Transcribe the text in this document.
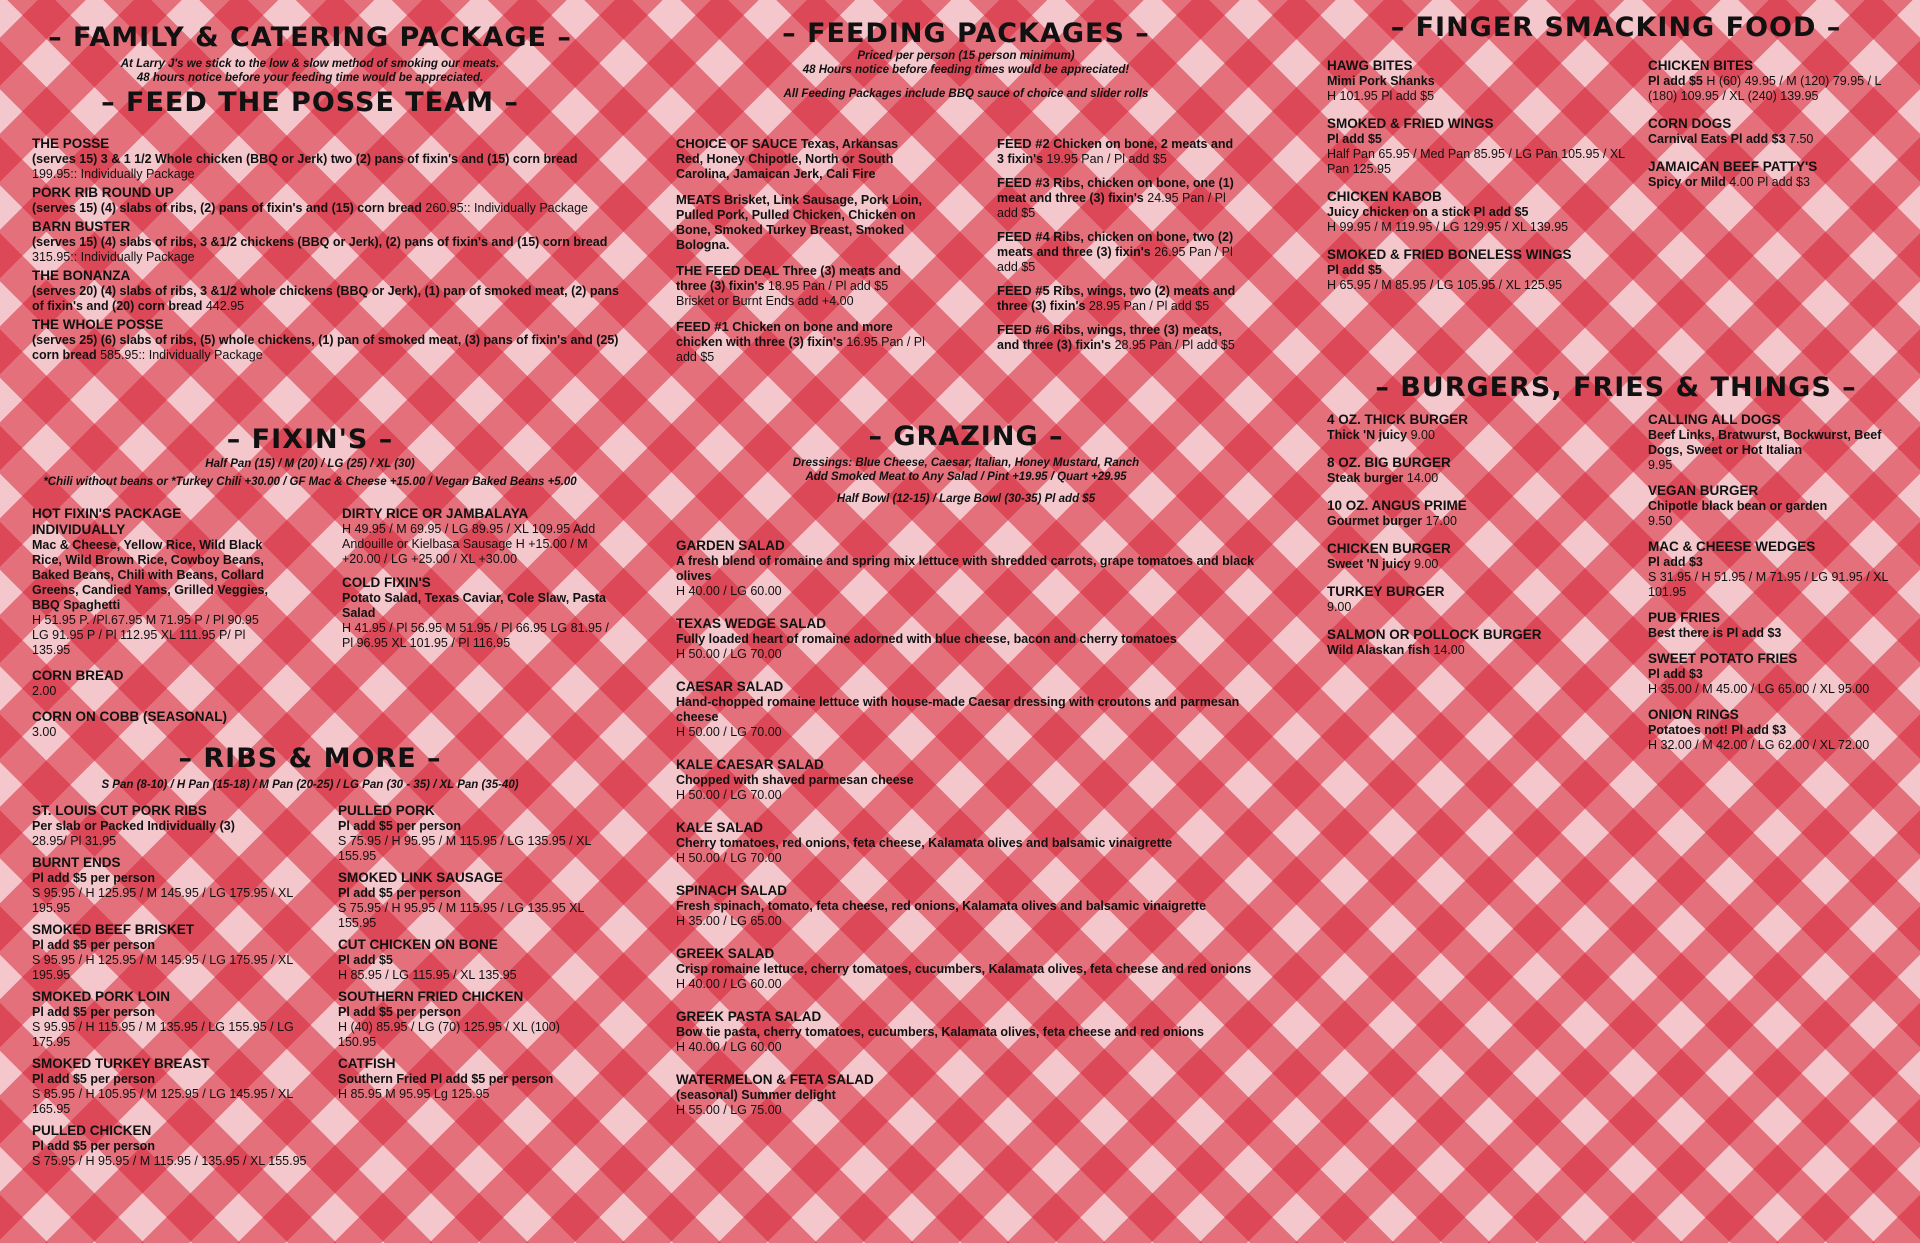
– FAMILY & CATERING PACKAGE –
At Larry J's we stick to the low & slow method of smoking our meats.
48 hours notice before your feeding time would be appreciated.
– FEED THE POSSE TEAM –
THE POSSE
(serves 15) 3 & 1 1/2 Whole chicken (BBQ or Jerk) two (2) pans of fixin's and (15) corn bread 199.95:: Individually Package
PORK RIB ROUND UP
(serves 15) (4) slabs of ribs, (2) pans of fixin's and (15) corn bread 260.95:: Individually Package
BARN BUSTER
(serves 15) (4) slabs of ribs, 3 &1/2 chickens (BBQ or Jerk), (2) pans of fixin's and (15) corn bread 315.95:: Individually Package
THE BONANZA
(serves 20) (4) slabs of ribs, 3 &1/2 whole chickens (BBQ or Jerk), (1) pan of smoked meat, (2) pans of fixin's and (20) corn bread 442.95
THE WHOLE POSSE
(serves 25) (6) slabs of ribs, (5) whole chickens, (1) pan of smoked meat, (3) pans of fixin's and (25) corn bread 585.95:: Individually Package
– FIXIN'S –
Half Pan (15) / M (20) / LG (25) / XL (30)
*Chili without beans or *Turkey Chili +30.00 / GF Mac & Cheese +15.00 / Vegan Baked Beans +5.00
HOT FIXIN'S PACKAGE INDIVIDUALLY
Mac & Cheese, Yellow Rice, Wild Black Rice, Wild Brown Rice, Cowboy Beans, Baked Beans, Chili with Beans, Collard Greens, Candied Yams, Grilled Veggies, BBQ Spaghetti
H 51.95 P. /Pl.67.95 M 71.95 P / Pl 90.95 LG 91.95 P / Pl 112.95 XL 111.95 P/ Pl 135.95
CORN BREAD
2.00
CORN ON COBB (SEASONAL)
3.00
DIRTY RICE OR JAMBALAYA
H 49.95 / M 69.95 / LG 89.95 / XL 109.95 Add Andouille or Kielbasa Sausage H +15.00 / M +20.00 / LG +25.00 / XL +30.00
COLD FIXIN'S
Potato Salad, Texas Caviar, Cole Slaw, Pasta Salad
H 41.95 / Pl 56.95 M 51.95 / Pl 66.95 LG 81.95 / Pl 96.95 XL 101.95 / Pl 116.95
– RIBS & MORE –
S Pan (8-10) / H Pan (15-18) / M Pan (20-25) / LG Pan (30 - 35) / XL Pan (35-40)
ST. LOUIS CUT PORK RIBS
Per slab or Packed Individually (3)
28.95/ Pl 31.95
BURNT ENDS
Pl add $5 per person
S 95.95 / H 125.95 / M 145.95 / LG 175.95 / XL 195.95
SMOKED BEEF BRISKET
Pl add $5 per person
S 95.95 / H 125.95 / M 145.95 / LG 175.95 / XL 195.95
SMOKED PORK LOIN
Pl add $5 per person
S 95.95 / H 115.95 / M 135.95 / LG 155.95 / LG 175.95
SMOKED TURKEY BREAST
Pl add $5 per person
S 85.95 / H 105.95 / M 125.95 / LG 145.95 / XL 165.95
PULLED CHICKEN
Pl add $5 per person
S 75.95 / H 95.95 / M 115.95 / 135.95 / XL 155.95
PULLED PORK
Pl add $5 per person
S 75.95 / H 95.95 / M 115.95 / LG 135.95 / XL 155.95
SMOKED LINK SAUSAGE
Pl add $5 per person
S 75.95 / H 95.95 / M 115.95 / LG 135.95 XL 155.95
CUT CHICKEN ON BONE
Pl add $5
H 85.95 / LG 115.95 / XL 135.95
SOUTHERN FRIED CHICKEN
Pl add $5 per person
H (40) 85.95 / LG (70) 125.95 / XL (100) 150.95
CATFISH
Southern Fried Pl add $5 per person
H 85.95 M 95.95 Lg 125.95
– FEEDING PACKAGES –
Priced per person (15 person minimum)
48 Hours notice before feeding times would be appreciated!
All Feeding Packages include BBQ sauce of choice and slider rolls
CHOICE OF SAUCE Texas, Arkansas Red, Honey Chipotle, North or South Carolina, Jamaican Jerk, Cali Fire
MEATS Brisket, Link Sausage, Pork Loin, Pulled Pork, Pulled Chicken, Chicken on Bone, Smoked Turkey Breast, Smoked Bologna.
THE FEED DEAL Three (3) meats and three (3) fixin's 18.95 Pan / Pl add $5 Brisket or Burnt Ends add +4.00
FEED #1 Chicken on bone and more chicken with three (3) fixin's 16.95 Pan / Pl add $5
FEED #2 Chicken on bone, 2 meats and 3 fixin's 19.95 Pan / Pl add $5
FEED #3 Ribs, chicken on bone, one (1) meat and three (3) fixin's 24.95 Pan / Pl add $5
FEED #4 Ribs, chicken on bone, two (2) meats and three (3) fixin's 26.95 Pan / Pl add $5
FEED #5 Ribs, wings, two (2) meats and three (3) fixin's 28.95 Pan / Pl add $5
FEED #6 Ribs, wings, three (3) meats, and three (3) fixin's 28.95 Pan / Pl add $5
– GRAZING –
Dressings: Blue Cheese, Caesar, Italian, Honey Mustard, Ranch
Add Smoked Meat to Any Salad / Pint +19.95 / Quart +29.95
Half Bowl (12-15) / Large Bowl (30-35) Pl add $5
GARDEN SALAD
A fresh blend of romaine and spring mix lettuce with shredded carrots, grape tomatoes and black olives
H 40.00 / LG 60.00
TEXAS WEDGE SALAD
Fully loaded heart of romaine adorned with blue cheese, bacon and cherry tomatoes
H 50.00 / LG 70.00
CAESAR SALAD
Hand-chopped romaine lettuce with house-made Caesar dressing with croutons and parmesan cheese
H 50.00 / LG 70.00
KALE CAESAR SALAD
Chopped with shaved parmesan cheese
H 50.00 / LG 70.00
KALE SALAD
Cherry tomatoes, red onions, feta cheese, Kalamata olives and balsamic vinaigrette
H 50.00 / LG 70.00
SPINACH SALAD
Fresh spinach, tomato, feta cheese, red onions, Kalamata olives and balsamic vinaigrette
H 35.00 / LG 65.00
GREEK SALAD
Crisp romaine lettuce, cherry tomatoes, cucumbers, Kalamata olives, feta cheese and red onions
H 40.00 / LG 60.00
GREEK PASTA SALAD
Bow tie pasta, cherry tomatoes, cucumbers, Kalamata olives, feta cheese and red onions
H 40.00 / LG 60.00
WATERMELON & FETA SALAD
(seasonal) Summer delight
H 55.00 / LG 75.00
– FINGER SMACKING FOOD –
HAWG BITES
Mimi Pork Shanks
H 101.95 Pl add $5
SMOKED & FRIED WINGS
Pl add $5
Half Pan 65.95 / Med Pan 85.95 / LG Pan 105.95 / XL Pan 125.95
CHICKEN KABOB
Juicy chicken on a stick Pl add $5
H 99.95 / M 119.95 / LG 129.95 / XL 139.95
SMOKED & FRIED BONELESS WINGS
Pl add $5
H 65.95 / M 85.95 / LG 105.95 / XL 125.95
CHICKEN BITES
Pl add $5 H (60) 49.95 / M (120) 79.95 / L (180) 109.95 / XL (240) 139.95
CORN DOGS
Carnival Eats Pl add $3 7.50
JAMAICAN BEEF PATTY'S
Spicy or Mild 4.00 Pl add $3
– BURGERS, FRIES & THINGS –
4 OZ. THICK BURGER
Thick 'N juicy 9.00
8 OZ. BIG BURGER
Steak burger 14.00
10 OZ. ANGUS PRIME
Gourmet burger 17.00
CHICKEN BURGER
Sweet 'N juicy 9.00
TURKEY BURGER
9.00
SALMON OR POLLOCK BURGER
Wild Alaskan fish 14.00
CALLING ALL DOGS
Beef Links, Bratwurst, Bockwurst, Beef Dogs, Sweet or Hot Italian
9.95
VEGAN BURGER
Chipotle black bean or garden
9.50
MAC & CHEESE WEDGES
Pl add $3
S 31.95 / H 51.95 / M 71.95 / LG 91.95 / XL 101.95
PUB FRIES
Best there is Pl add $3
SWEET POTATO FRIES
Pl add $3
H 35.00 / M 45.00 / LG 65.00 / XL 95.00
ONION RINGS
Potatoes not! Pl add $3
H 32.00 / M 42.00 / LG 62.00 / XL 72.00
